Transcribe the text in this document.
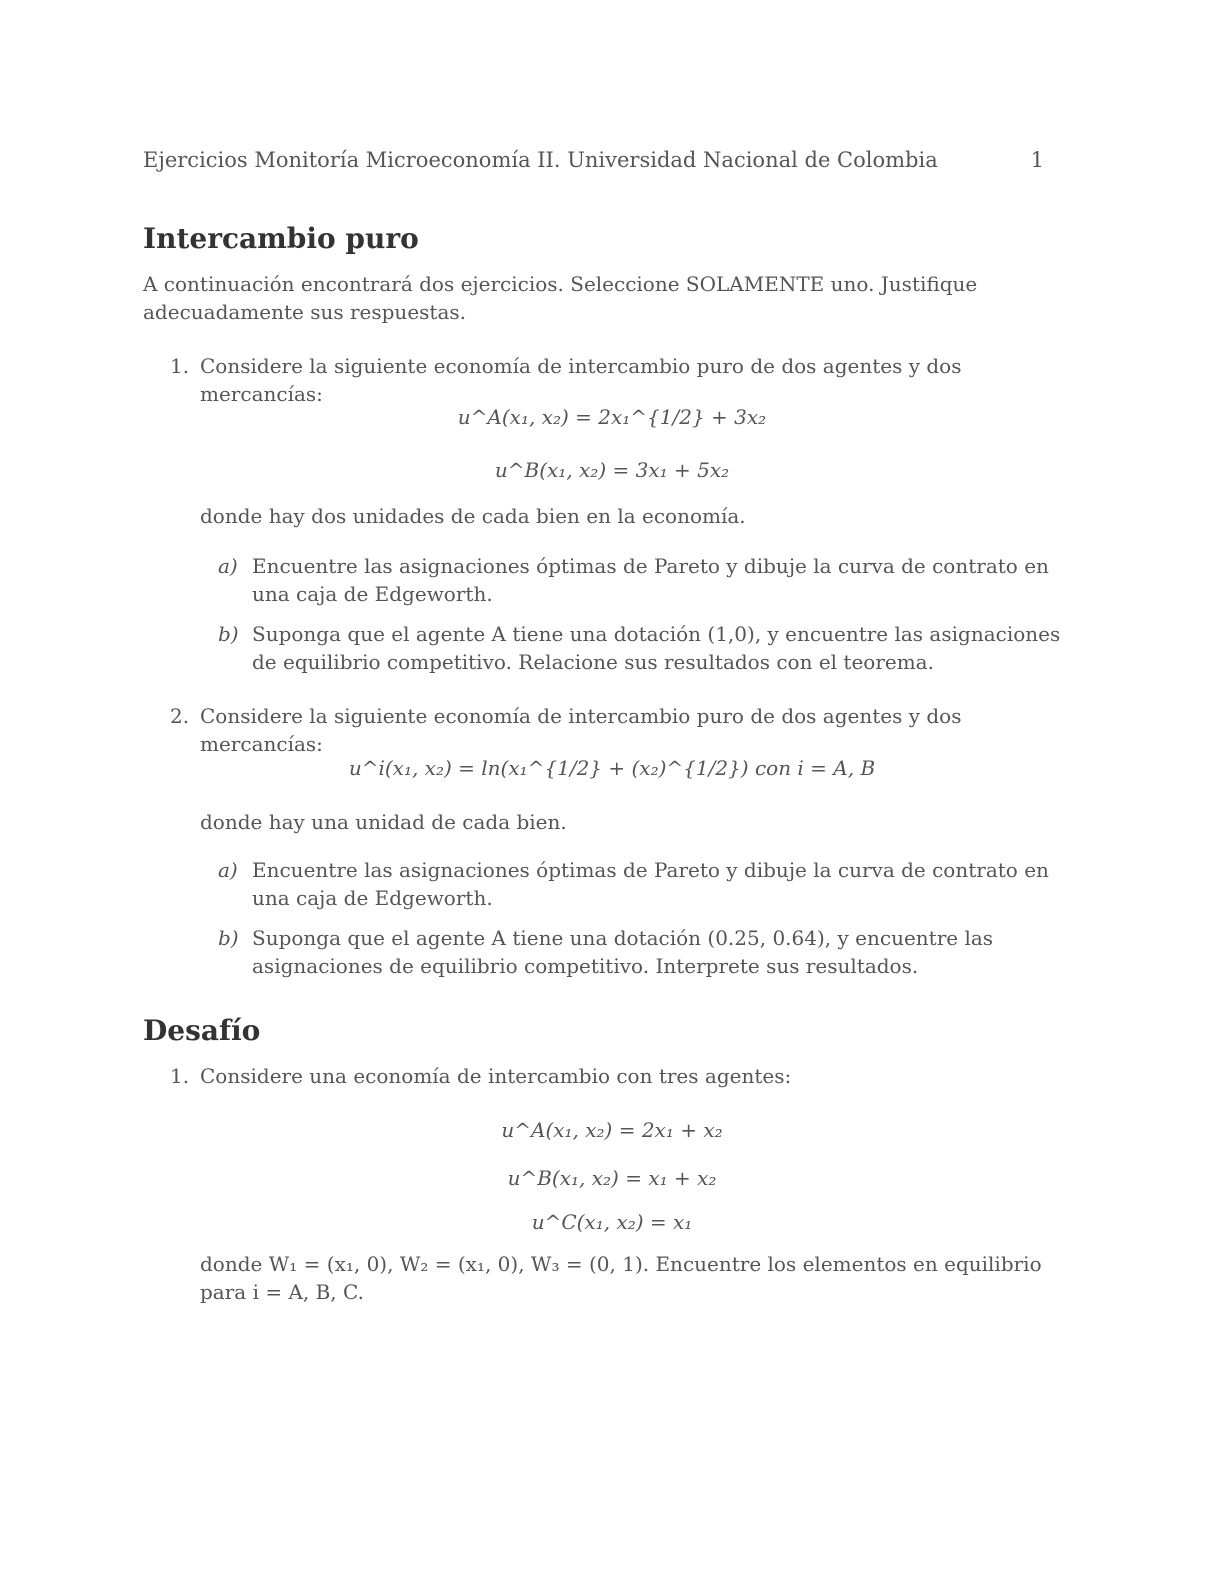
Ejercicios Monitoría Microeconomía II. Universidad Nacional de Colombia	1
Intercambio puro

A continuación encontrará dos ejercicios. Seleccione SOLAMENTE uno. Justifique adecuadamente sus respuestas.

1. Considere la siguiente economía de intercambio puro de dos agentes y dos mercancías:
u^A(x₁, x₂) = 2x₁^{1/2} + 3x₂
u^B(x₁, x₂) = 3x₁ + 5x₂
donde hay dos unidades de cada bien en la economía.
a) Encuentre las asignaciones óptimas de Pareto y dibuje la curva de contrato en una caja de Edgeworth.
b) Suponga que el agente A tiene una dotación (1,0), y encuentre las asignaciones de equilibrio competitivo. Relacione sus resultados con el teorema.
2. Considere la siguiente economía de intercambio puro de dos agentes y dos mercancías:
u^i(x₁, x₂) = ln(x₁^{1/2} + (x₂)^{1/2}) con i = A, B
donde hay una unidad de cada bien.
a) Encuentre las asignaciones óptimas de Pareto y dibuje la curva de contrato en una caja de Edgeworth.
b) Suponga que el agente A tiene una dotación (0.25, 0.64), y encuentre las asignaciones de equilibrio competitivo. Interprete sus resultados.
Desafío
1. Considere una economía de intercambio con tres agentes:
u^A(x₁, x₂) = 2x₁ + x₂
u^B(x₁, x₂) = x₁ + x₂
u^C(x₁, x₂) = x₁
donde W₁ = (x₁, 0), W₂ = (x₁, 0), W₃ = (0, 1). Encuentre los elementos en equilibrio para i = A, B, C.
